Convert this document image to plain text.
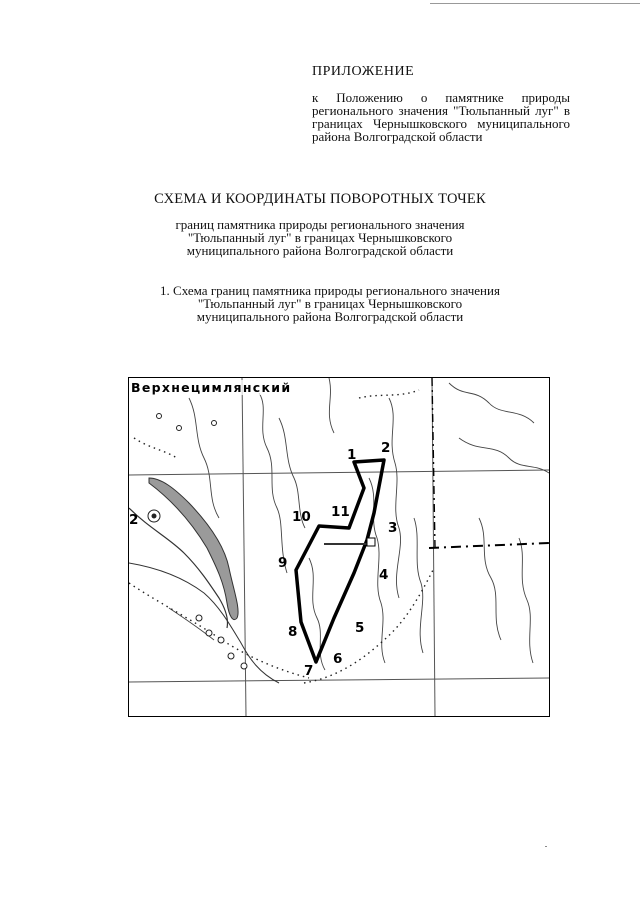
ПРИЛОЖЕНИЕ
к Положению о памятнике природы регионального значения "Тюльпанный луг" в границах Чернышковского муниципального района Волгоградской области
СХЕМА И КООРДИНАТЫ ПОВОРОТНЫХ ТОЧЕК
границ памятника природы регионального значения
"Тюльпанный луг" в границах Чернышковского
муниципального района Волгоградской области
1. Схема границ памятника природы регионального значения
"Тюльпанный луг" в границах Чернышковского
муниципального района Волгоградской области
Верхнецимлянский
2
1 2
3
4
5
6
7
8
9
10 11
